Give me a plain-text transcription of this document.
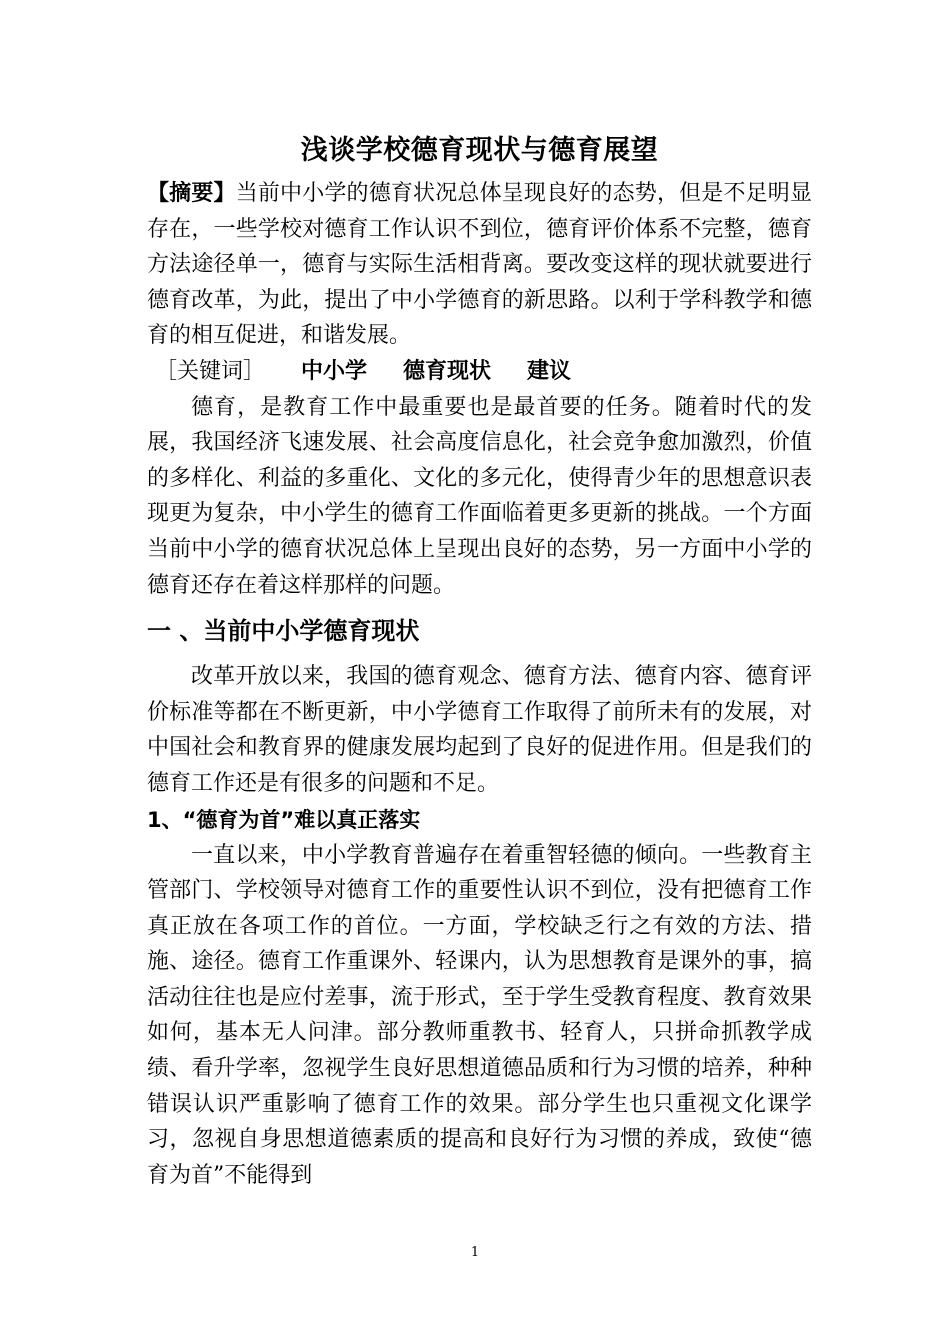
浅谈学校德育现状与德育展望

【摘要】当前中小学的德育状况总体呈现良好的态势，但是不足明显存在，一些学校对德育工作认识不到位，德育评价体系不完整，德育方法途径单一，德育与实际生活相背离。要改变这样的现状就要进行德育改革，为此，提出了中小学德育的新思路。以利于学科教学和德育的相互促进，和谐发展。

［关键词］ 中小学 德育现状 建议

德育，是教育工作中最重要也是最首要的任务。随着时代的发展，我国经济飞速发展、社会高度信息化，社会竞争愈加激烈，价值的多样化、利益的多重化、文化的多元化，使得青少年的思想意识表现更为复杂，中小学生的德育工作面临着更多更新的挑战。一个方面当前中小学的德育状况总体上呈现出良好的态势，另一方面中小学的德育还存在着这样那样的问题。

一 、当前中小学德育现状

改革开放以来，我国的德育观念、德育方法、德育内容、德育评价标准等都在不断更新，中小学德育工作取得了前所未有的发展，对中国社会和教育界的健康发展均起到了良好的促进作用。但是我们的德育工作还是有很多的问题和不足。

1、“德育为首”难以真正落实

一直以来，中小学教育普遍存在着重智轻德的倾向。一些教育主管部门、学校领导对德育工作的重要性认识不到位，没有把德育工作真正放在各项工作的首位。一方面，学校缺乏行之有效的方法、措施、途径。德育工作重课外、轻课内，认为思想教育是课外的事，搞活动往往也是应付差事，流于形式，至于学生受教育程度、教育效果如何，基本无人问津。部分教师重教书、轻育人，只拼命抓教学成绩、看升学率，忽视学生良好思想道德品质和行为习惯的培养，种种错误认识严重影响了德育工作的效果。部分学生也只重视文化课学习，忽视自身思想道德素质的提高和良好行为习惯的养成，致使“德育为首”不能得到

1
